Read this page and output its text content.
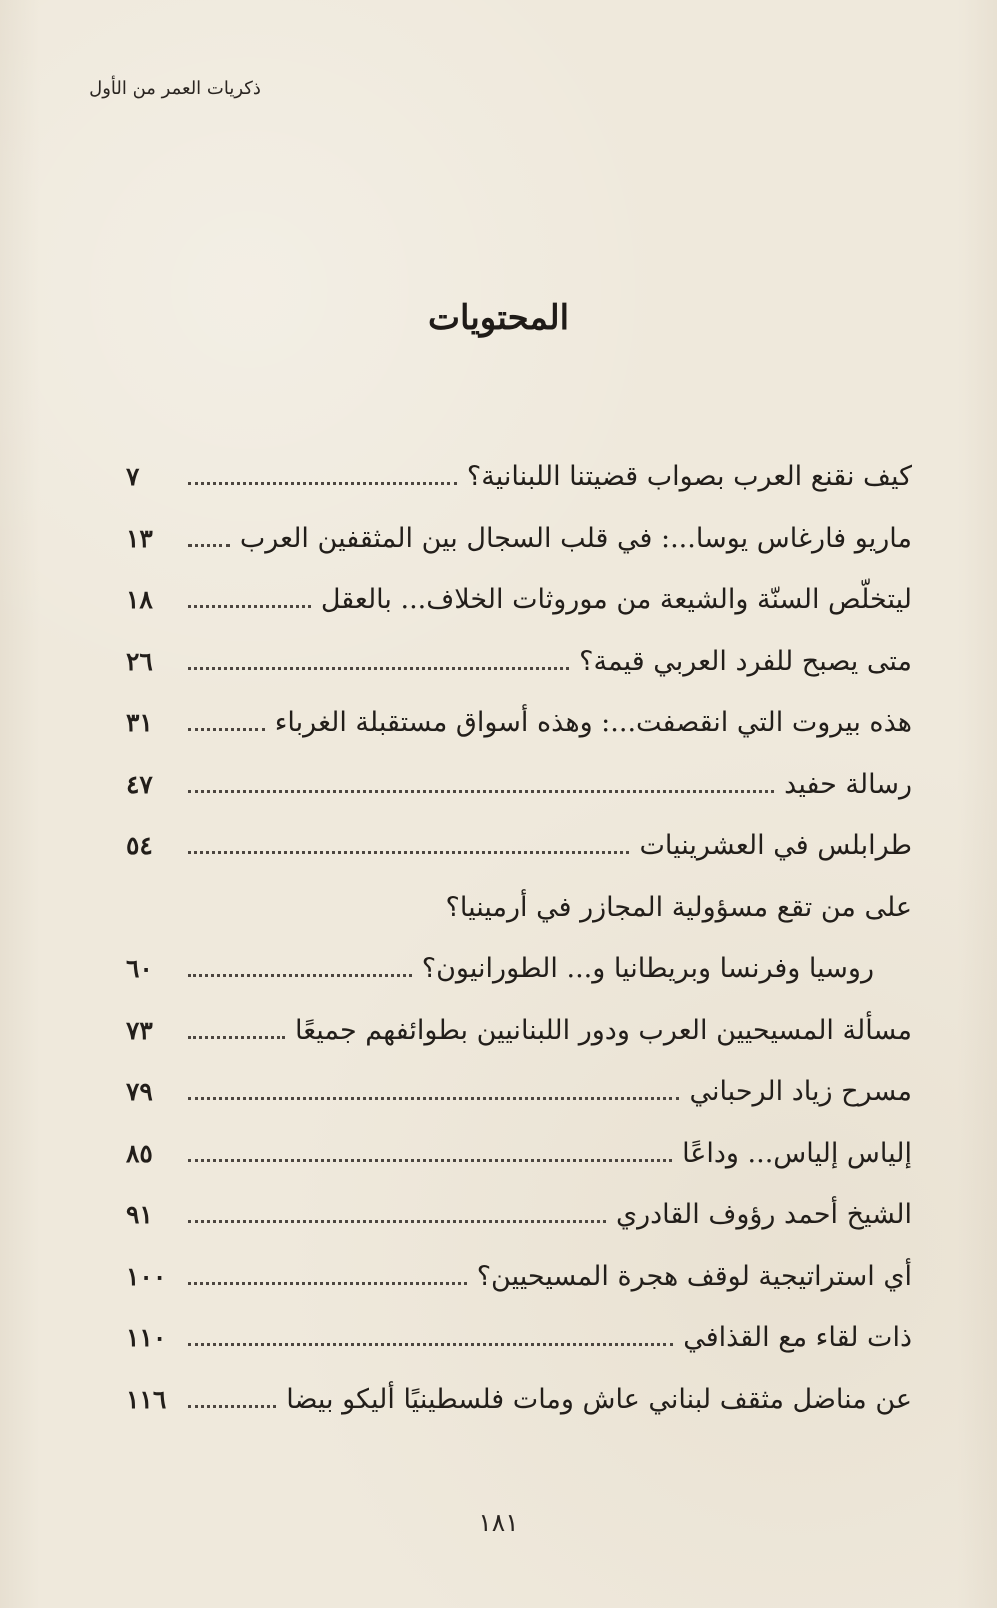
ذكريات العمر من الأول
المحتويات
كيف نقنع العرب بصواب قضيتنا اللبنانية؟
٧
ماريو فارغاس يوسا...: في قلب السجال بين المثقفين العرب
١٣
ليتخلّص السنّة والشيعة من موروثات الخلاف... بالعقل
١٨
متى يصبح للفرد العربي قيمة؟
٢٦
هذه بيروت التي انقصفت...: وهذه أسواق مستقبلة الغرباء
٣١
رسالة حفيد
٤٧
طرابلس في العشرينيات
٥٤
على من تقع مسؤولية المجازر في أرمينيا؟
روسيا وفرنسا وبريطانيا و... الطورانيون؟
٦٠
مسألة المسيحيين العرب ودور اللبنانيين بطوائفهم جميعًا
٧٣
مسرح زياد الرحباني
٧٩
إلياس إلياس... وداعًا
٨٥
الشيخ أحمد رؤوف القادري
٩١
أي استراتيجية لوقف هجرة المسيحيين؟
١٠٠
ذات لقاء مع القذافي
١١٠
عن مناضل مثقف لبناني عاش ومات فلسطينيًا أليكو بيضا
١١٦
١٨١
